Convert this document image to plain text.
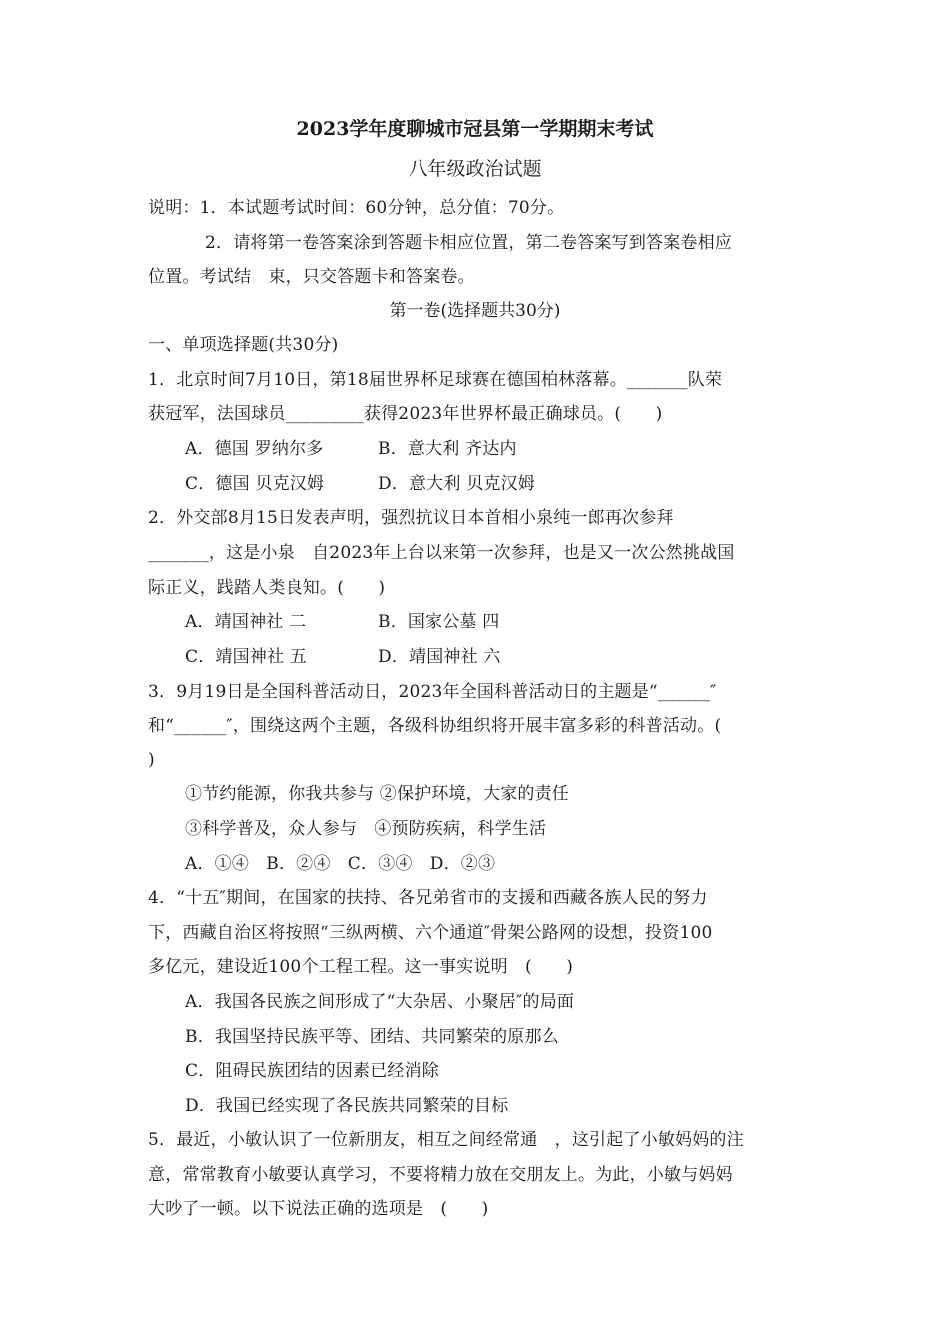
2023学年度聊城市冠县第一学期期末考试
八年级政治试题
说明：1．本试题考试时间：60分钟，总分值：70分。
2．请将第一卷答案涂到答题卡相应位置，第二卷答案写到答案卷相应
位置。考试结　束，只交答题卡和答案卷。
第一卷(选择题共30分)
一、单项选择题(共30分)
1．北京时间7月10日，第18届世界杯足球赛在德国柏林落幕。_______队荣
获冠军，法国球员_________获得2023年世界杯最正确球员。(　　)
A．德国 罗纳尔多	B．意大利 齐达内
C．德国 贝克汉姆	D．意大利 贝克汉姆
2．外交部8月15日发表声明，强烈抗议日本首相小泉纯一郎再次参拜
_______，这是小泉　自2023年上台以来第一次参拜，也是又一次公然挑战国
际正义，践踏人类良知。(　　)
A．靖国神社 二	B．国家公墓 四
C．靖国神社 五	D．靖国神社 六
3．9月19日是全国科普活动日，2023年全国科普活动日的主题是“______″
和“______″，围绕这两个主题，各级科协组织将开展丰富多彩的科普活动。(
)
①节约能源，你我共参与 ②保护环境，大家的责任
③科学普及，众人参与　④预防疾病，科学生活
A．①④　B．②④　C．③④　D．②③
4．“十五″期间，在国家的扶持、各兄弟省市的支援和西藏各族人民的努力
下，西藏自治区将按照“三纵两横、六个通道″骨架公路网的设想，投资100
多亿元，建设近100个工程工程。这一事实说明　(　　)
A．我国各民族之间形成了“大杂居、小聚居″的局面
B．我国坚持民族平等、团结、共同繁荣的原那么
C．阻碍民族团结的因素已经消除
D．我国已经实现了各民族共同繁荣的目标
5．最近，小敏认识了一位新朋友，相互之间经常通　，这引起了小敏妈妈的注
意，常常教育小敏要认真学习，不要将精力放在交朋友上。为此，小敏与妈妈
大吵了一顿。以下说法正确的选项是　(　　)
